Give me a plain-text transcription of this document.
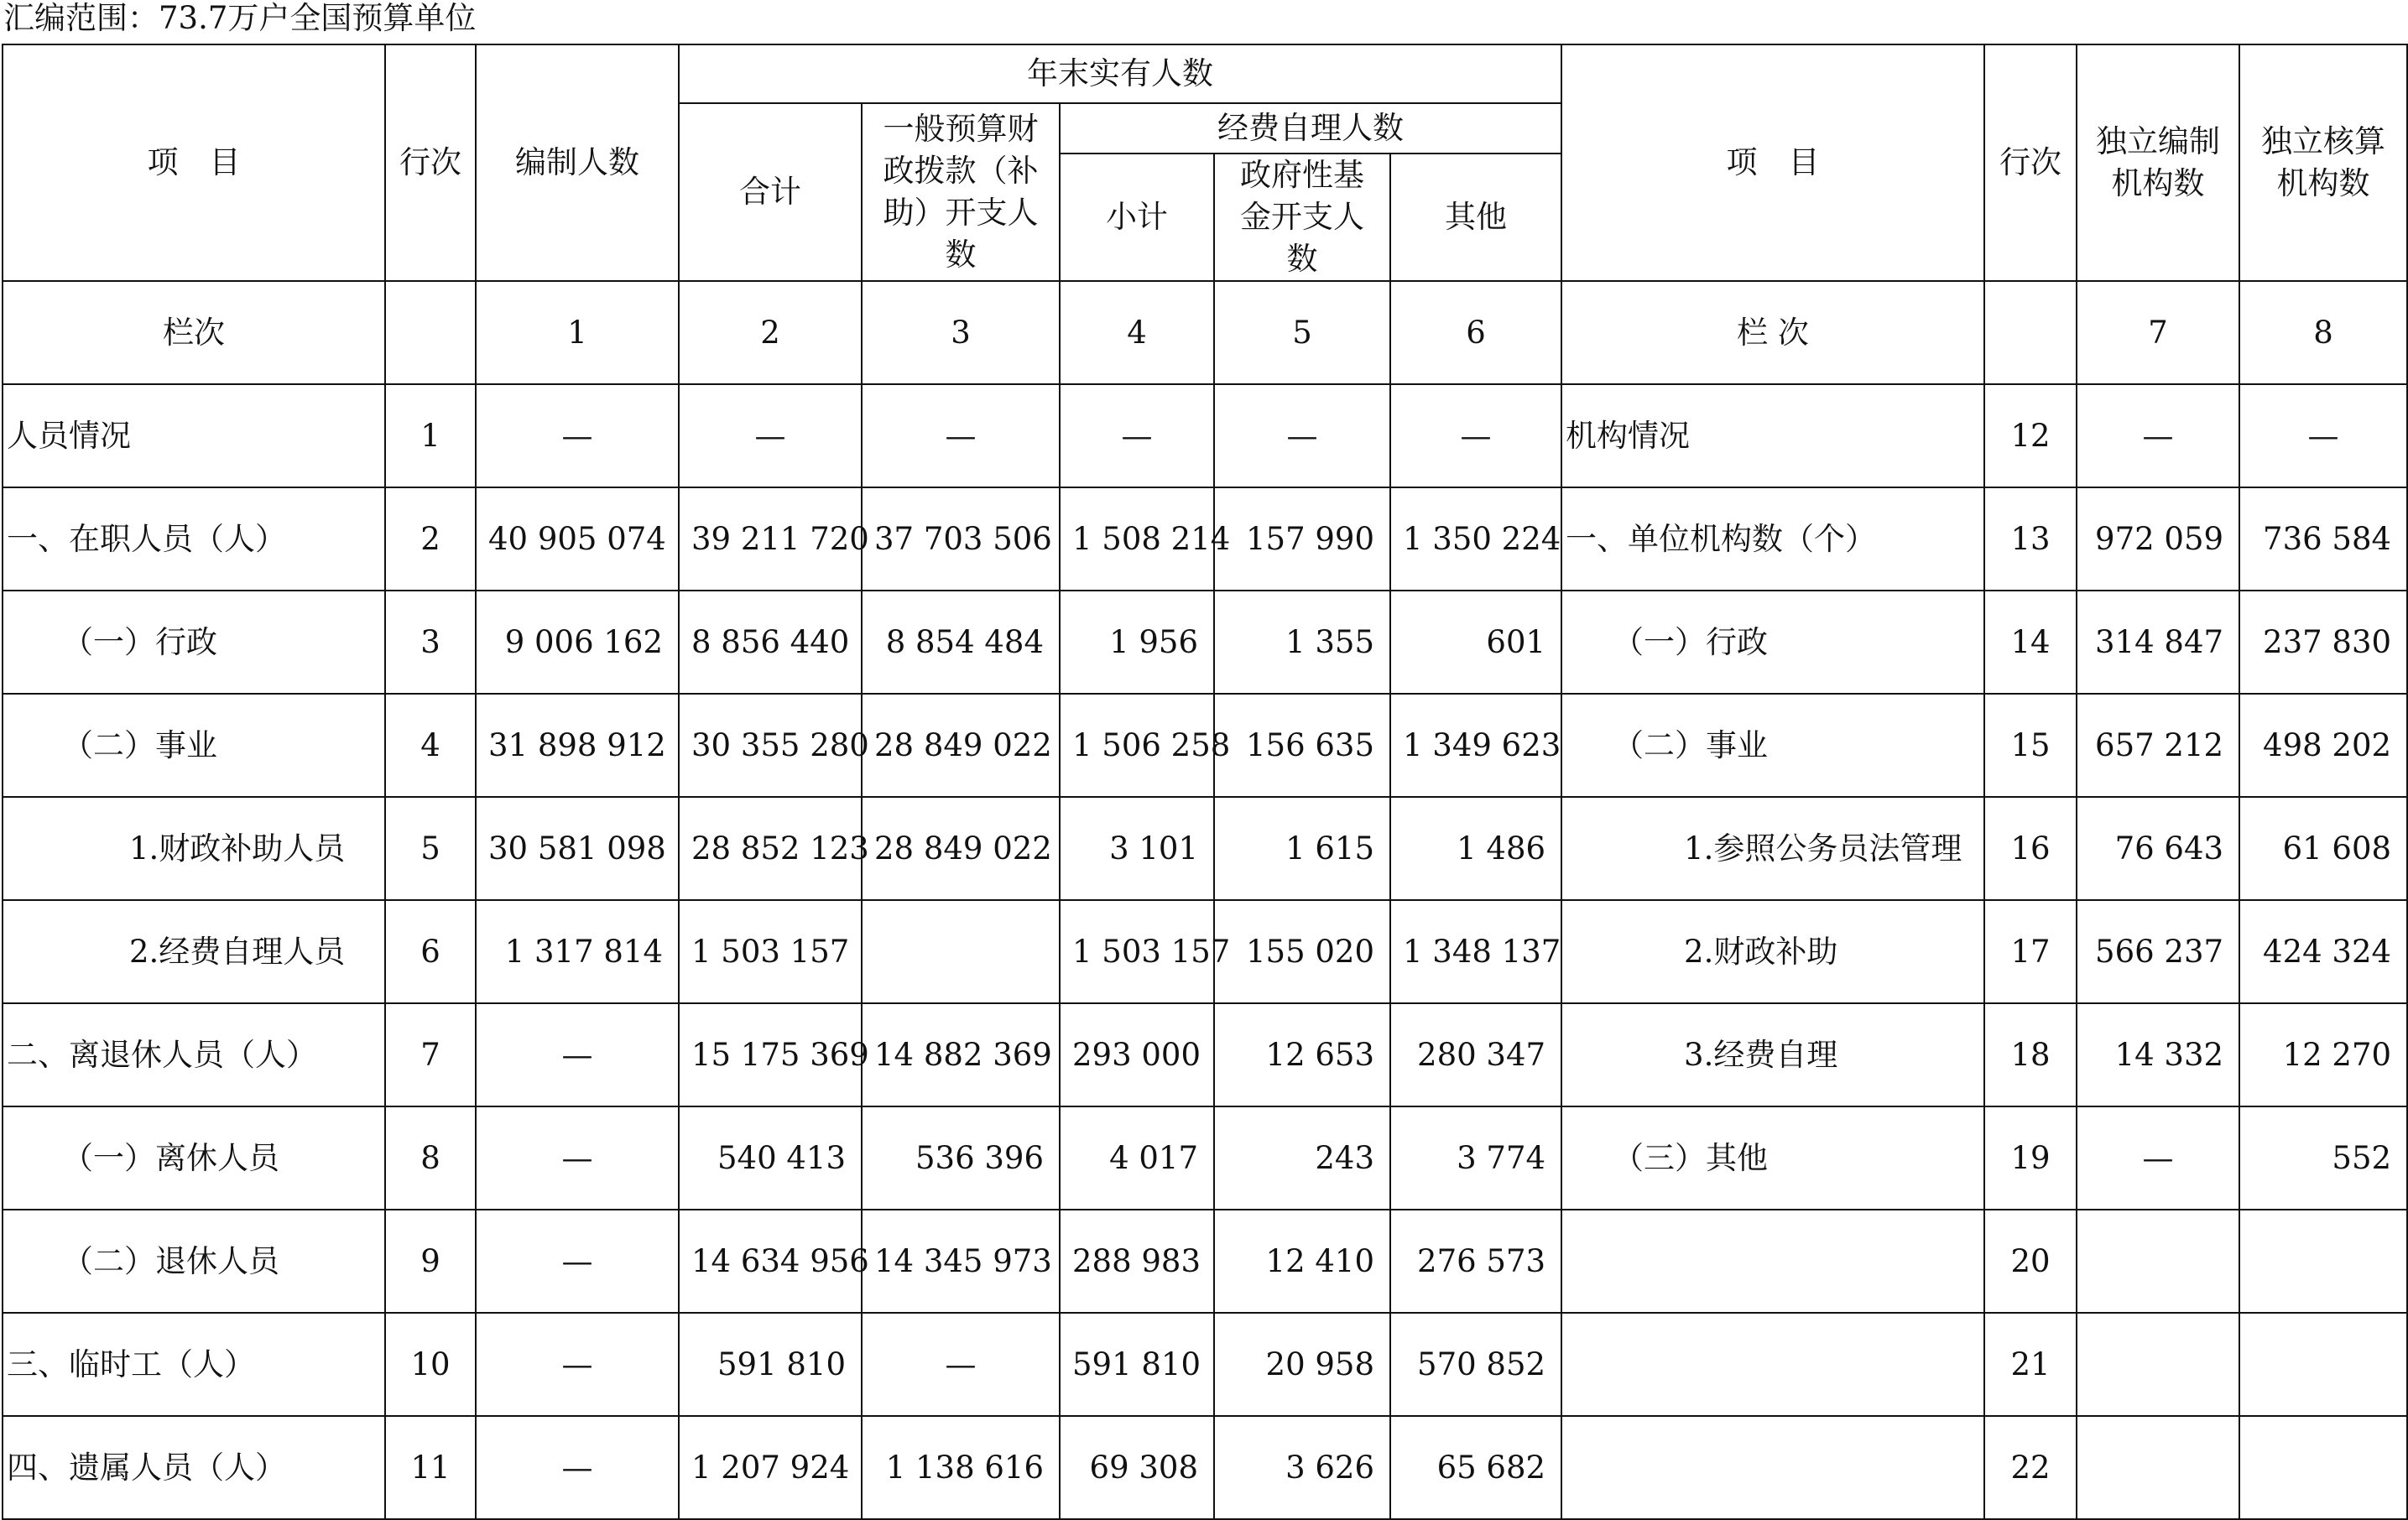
汇编范围：73.7万户全国预算单位
项　目	行次	编制人数	年末实有人数					项　目	行次	独立编制机构数	独立核算机构数
			合计	一般预算财政拨款（补助）开支人数	经费自理人数						
					小计	政府性基金开支人数	其他				
栏次		1	2	3	4	5	6	栏 次		7	8
人员情况	1	—	—	—	—	—	—	机构情况	12	—	—
一、在职人员（人）	2	40 905 074	39 211 720	37 703 506	1 508 214	157 990	1 350 224	一、单位机构数（个）	13	972 059	736 584
（一）行政	3	9 006 162	8 856 440	8 854 484	1 956	1 355	601	（一）行政	14	314 847	237 830
（二）事业	4	31 898 912	30 355 280	28 849 022	1 506 258	156 635	1 349 623	（二）事业	15	657 212	498 202
1.财政补助人员	5	30 581 098	28 852 123	28 849 022	3 101	1 615	1 486	1.参照公务员法管理	16	76 643	61 608
2.经费自理人员	6	1 317 814	1 503 157		1 503 157	155 020	1 348 137	2.财政补助	17	566 237	424 324
二、离退休人员（人）	7	—	15 175 369	14 882 369	293 000	12 653	280 347	3.经费自理	18	14 332	12 270
（一）离休人员	8	—	540 413	536 396	4 017	243	3 774	（三）其他	19	—	552
（二）退休人员	9	—	14 634 956	14 345 973	288 983	12 410	276 573		20		
三、临时工（人）	10	—	591 810	—	591 810	20 958	570 852		21		
四、遗属人员（人）	11	—	1 207 924	1 138 616	69 308	3 626	65 682		22		
